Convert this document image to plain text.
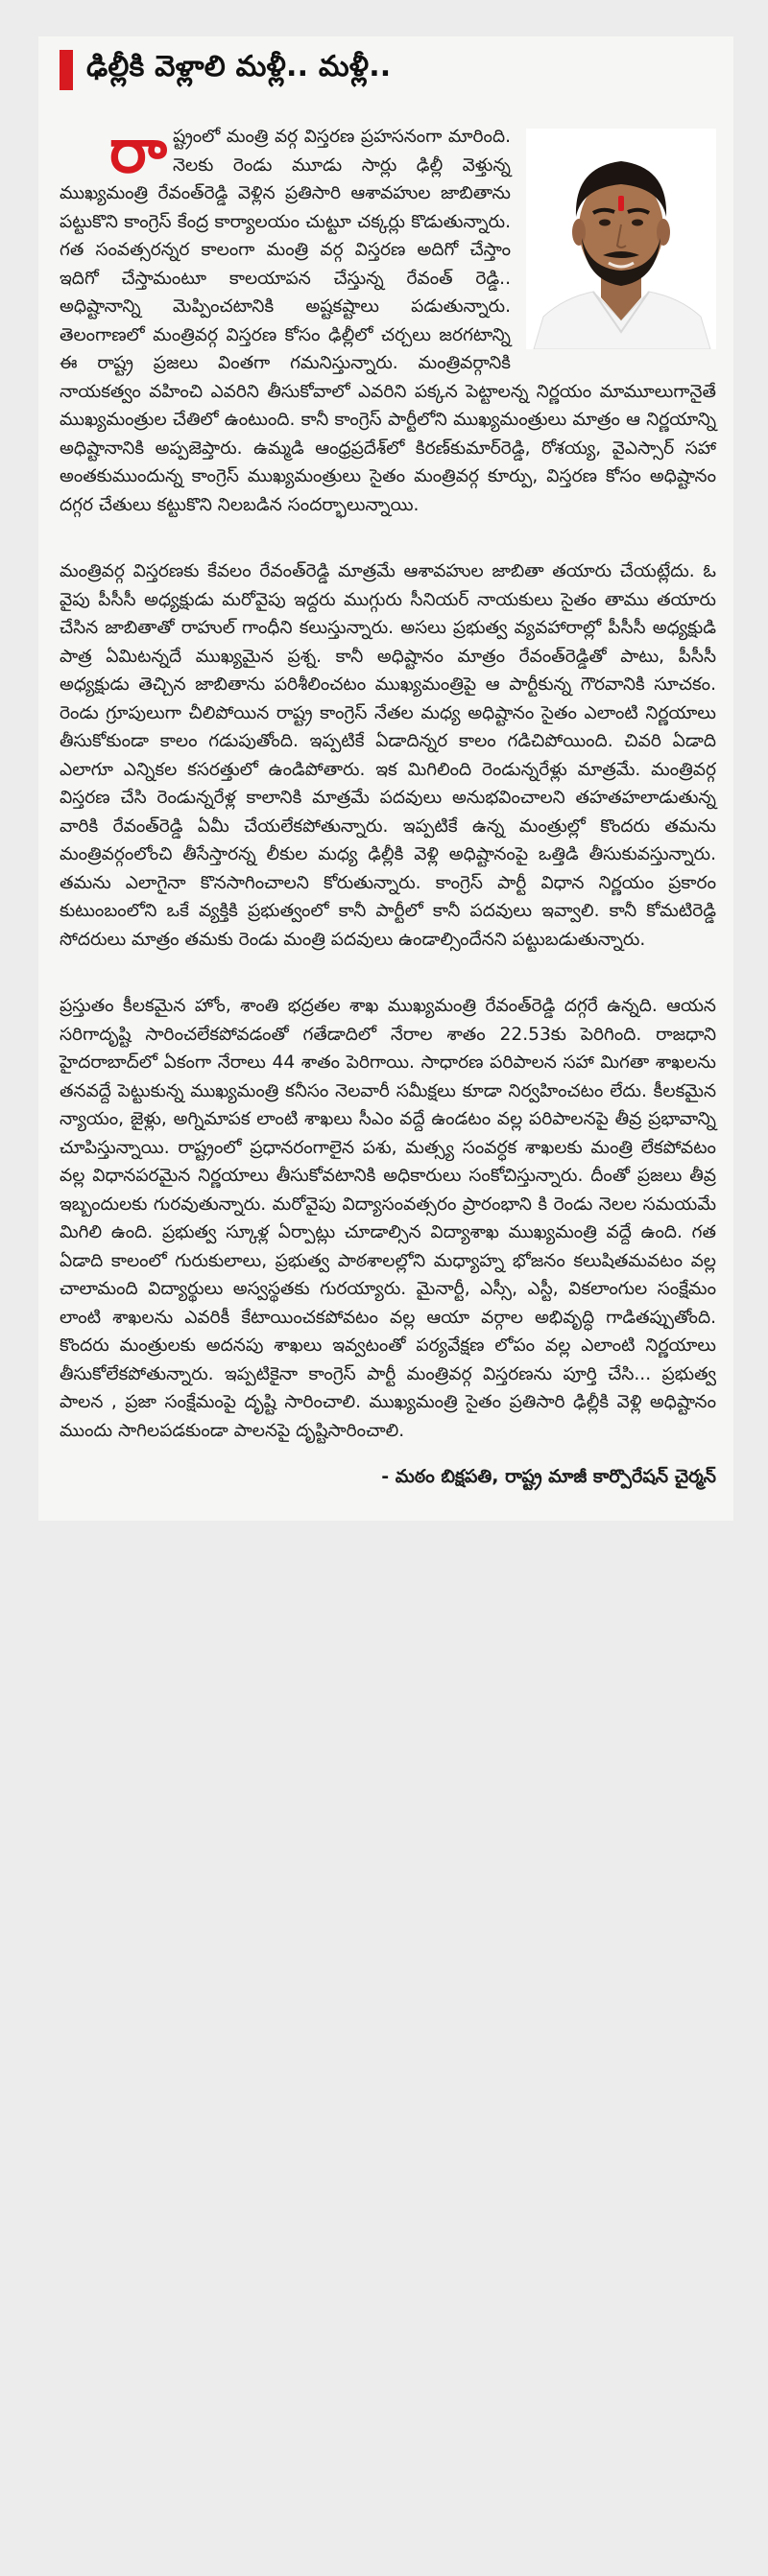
ఢిల్లీకి వెళ్లాలి మళ్లీ.. మళ్లీ..

రా ష్ట్రంలో మంత్రి వర్గ విస్తరణ ప్రహసనంగా మారింది. నెలకు రెండు మూడు సార్లు ఢిల్లీ వెళ్తున్న ముఖ్యమంత్రి రేవంత్‌రెడ్డి వెళ్లిన ప్రతిసారి ఆశావహుల జాబితాను పట్టుకొని కాంగ్రెస్ కేంద్ర కార్యాలయం చుట్టూ చక్కర్లు కొడుతున్నారు. గత సంవత్సరన్నర కాలంగా మంత్రి వర్గ విస్తరణ అదిగో చేస్తాం ఇదిగో చేస్తామంటూ కాలయాపన చేస్తున్న రేవంత్ రెడ్డి.. అధిష్టానాన్ని మెప్పించటానికి అష్టకష్టాలు పడుతున్నారు. తెలంగాణలో మంత్రివర్గ విస్తరణ కోసం ఢిల్లీలో చర్చలు జరగటాన్ని ఈ రాష్ట్ర ప్రజలు వింతగా గమనిస్తున్నారు. మంత్రివర్గానికి నాయకత్వం వహించి ఎవరిని తీసుకోవాలో ఎవరిని పక్కన పెట్టాలన్న నిర్ణయం మామూలుగానైతే ముఖ్యమంత్రుల చేతిలో ఉంటుంది. కానీ కాంగ్రెస్ పార్టీలోని ముఖ్యమంత్రులు మాత్రం ఆ నిర్ణయాన్ని అధిష్టానానికి అప్పజెప్తారు. ఉమ్మడి ఆంధ్రప్రదేశ్‌లో కిరణ్‌కుమార్‌రెడ్డి, రోశయ్య, వైఎస్సార్ సహా అంతకుముందున్న కాంగ్రెస్ ముఖ్యమంత్రులు సైతం మంత్రివర్గ కూర్పు, విస్తరణ కోసం అధిష్టానం దగ్గర చేతులు కట్టుకొని నిలబడిన సందర్భాలున్నాయి.

మంత్రివర్గ విస్తరణకు కేవలం రేవంత్‌రెడ్డి మాత్రమే ఆశావహుల జాబితా తయారు చేయట్లేదు. ఓ వైపు పీసీసీ అధ్యక్షుడు మరోవైపు ఇద్దరు ముగ్గురు సీనియర్ నాయకులు సైతం తాము తయారు చేసిన జాబితాతో రాహుల్ గాంధీని కలుస్తున్నారు. అసలు ప్రభుత్వ వ్యవహారాల్లో పీసీసీ అధ్యక్షుడి పాత్ర ఏమిటన్నదే ముఖ్యమైన ప్రశ్న. కానీ అధిష్టానం మాత్రం రేవంత్‌రెడ్డితో పాటు, పీసీసీ అధ్యక్షుడు తెచ్చిన జాబితాను పరిశీలించటం ముఖ్యమంత్రిపై ఆ పార్టీకున్న గౌరవానికి సూచకం. రెండు గ్రూపులుగా చీలిపోయిన రాష్ట్ర కాంగ్రెస్ నేతల మధ్య అధిష్టానం సైతం ఎలాంటి నిర్ణయాలు తీసుకోకుండా కాలం గడుపుతోంది. ఇప్పటికే ఏడాదిన్నర కాలం గడిచిపోయింది. చివరి ఏడాది ఎలాగూ ఎన్నికల కసరత్తులో ఉండిపోతారు. ఇక మిగిలింది రెండున్నరేళ్లు మాత్రమే. మంత్రివర్గ విస్తరణ చేసి రెండున్నరేళ్ల కాలానికి మాత్రమే పదవులు అనుభవించాలని తహతహలాడుతున్న వారికి రేవంత్‌రెడ్డి ఏమీ చేయలేకపోతున్నారు. ఇప్పటికే ఉన్న మంత్రుల్లో కొందరు తమను మంత్రివర్గంలోంచి తీసేస్తారన్న లీకుల మధ్య ఢిల్లీకి వెళ్లి అధిష్టానంపై ఒత్తిడి తీసుకువస్తున్నారు. తమను ఎలాగైనా కొనసాగించాలని కోరుతున్నారు. కాంగ్రెస్ పార్టీ విధాన నిర్ణయం ప్రకారం కుటుంబంలోని ఒకే వ్యక్తికి ప్రభుత్వంలో కానీ పార్టీలో కానీ పదవులు ఇవ్వాలి. కానీ కోమటిరెడ్డి సోదరులు మాత్రం తమకు రెండు మంత్రి పదవులు ఉండాల్సిందేనని పట్టుబడుతున్నారు.

ప్రస్తుతం కీలకమైన హోం, శాంతి భద్రతల శాఖ ముఖ్యమంత్రి రేవంత్‌రెడ్డి దగ్గరే ఉన్నది. ఆయన సరిగాదృష్టి సారించలేకపోవడంతో గతేడాదిలో నేరాల శాతం 22.53కు పెరిగింది. రాజధాని హైదరాబాద్‌లో ఏకంగా నేరాలు 44 శాతం పెరిగాయి. సాధారణ పరిపాలన సహా మిగతా శాఖలను తనవద్దే పెట్టుకున్న ముఖ్యమంత్రి కనీసం నెలవారీ సమీక్షలు కూడా నిర్వహించటం లేదు. కీలకమైన న్యాయం, జైళ్లు, అగ్నిమాపక లాంటి శాఖలు సీఎం వద్దే ఉండటం వల్ల పరిపాలనపై తీవ్ర ప్రభావాన్ని చూపిస్తున్నాయి. రాష్ట్రంలో ప్రధానరంగాలైన పశు, మత్స్య సంవర్ధక శాఖలకు మంత్రి లేకపోవటం వల్ల విధానపరమైన నిర్ణయాలు తీసుకోవటానికి అధికారులు సంకోచిస్తున్నారు. దీంతో ప్రజలు తీవ్ర ఇబ్బందులకు గురవుతున్నారు. మరోవైపు విద్యాసంవత్సరం ప్రారంభాని కి రెండు నెలల సమయమే మిగిలి ఉంది. ప్రభుత్వ స్కూళ్ల ఏర్పాట్లు చూడాల్సిన విద్యాశాఖ ముఖ్యమంత్రి వద్దే ఉంది. గత ఏడాది కాలంలో గురుకులాలు, ప్రభుత్వ పాఠశాలల్లోని మధ్యాహ్న భోజనం కలుషితమవటం వల్ల చాలామంది విద్యార్థులు అస్వస్థతకు గురయ్యారు. మైనార్టీ, ఎస్సీ, ఎస్టీ, వికలాంగుల సంక్షేమం లాంటి శాఖలను ఎవరికీ కేటాయించకపోవటం వల్ల ఆయా వర్గాల అభివృద్ధి గాడితప్పుతోంది. కొందరు మంత్రులకు అదనపు శాఖలు ఇవ్వటంతో పర్యవేక్షణ లోపం వల్ల ఎలాంటి నిర్ణయాలు తీసుకోలేకపోతున్నారు. ఇప్పటికైనా కాంగ్రెస్ పార్టీ మంత్రివర్గ విస్తరణను పూర్తి చేసి... ప్రభుత్వ పాలన , ప్రజా సంక్షేమంపై దృష్టి సారించాలి. ముఖ్యమంత్రి సైతం ప్రతిసారి ఢిల్లీకి వెళ్లి అధిష్టానం ముందు సాగిలపడకుండా పాలనపై దృష్టిసారించాలి.

- మఠం బిక్షపతి, రాష్ట్ర మాజీ కార్పొరేషన్ చైర్మన్
